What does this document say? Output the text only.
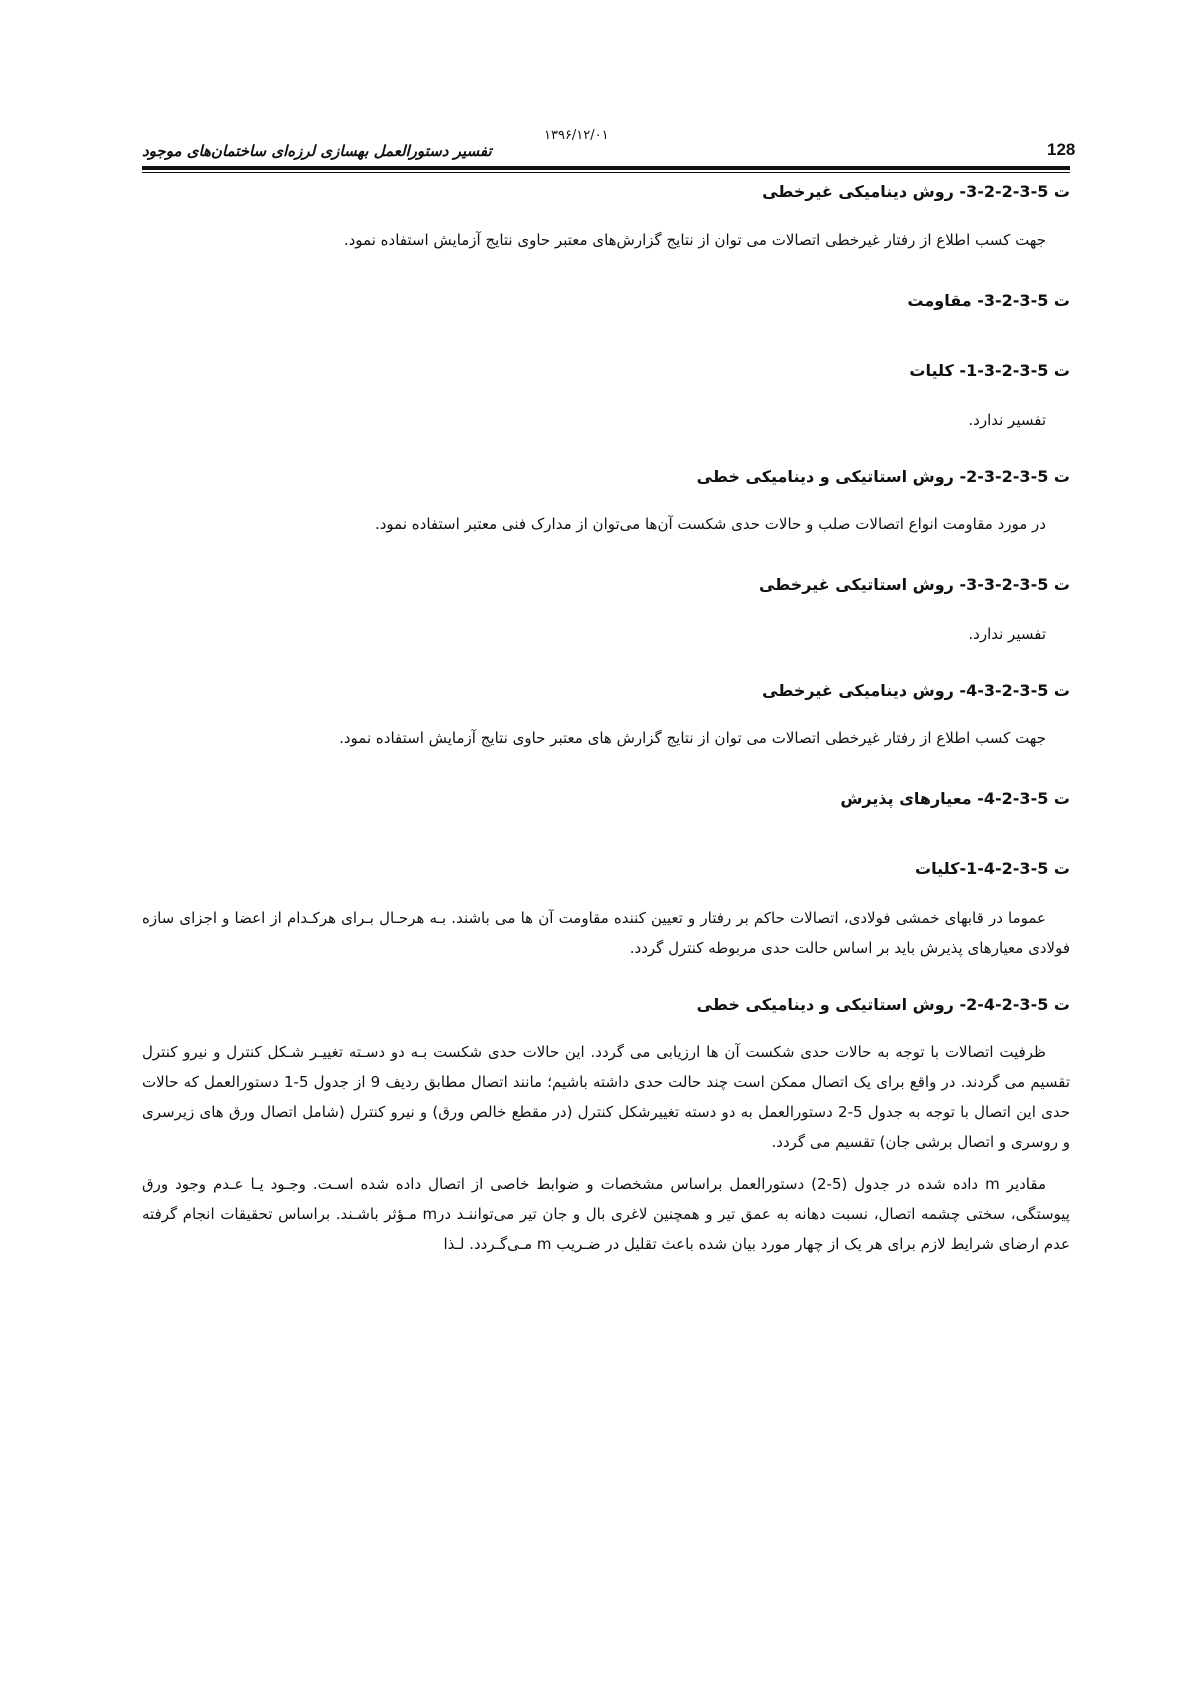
128
۱۳۹۶/۱۲/۰۱
تفسیر دستورالعمل بهسازی لرزه‌ای ساختمان‌های موجود
ت 5-3-2-2-3- روش دینامیکی غیرخطی
جهت کسب اطلاع از رفتار غیرخطی اتصالات می توان از نتایج گزارش‌های معتبر حاوی نتایج آزمایش استفاده نمود.
ت 5-3-2-3- مقاومت
ت 5-3-2-3-1- کلیات
تفسیر ندارد.
ت 5-3-2-3-2- روش استاتیکی و دینامیکی خطی
در مورد مقاومت انواع اتصالات صلب و حالات حدی شکست آن‌ها می‌توان از مدارک فنی معتبر استفاده نمود.
ت 5-3-2-3-3- روش استاتیکی غیرخطی
تفسیر ندارد.
ت 5-3-2-3-4- روش دینامیکی غیرخطی
جهت کسب اطلاع از رفتار غیرخطی اتصالات می توان از نتایج گزارش های معتبر حاوی نتایج آزمایش استفاده نمود.
ت 5-3-2-4- معیارهای پذیرش
ت 5-3-2-4-1-کلیات
عموما در قابهای خمشی فولادی، اتصالات حاکم بر رفتار و تعیین کننده مقاومت آن ها می باشند. بـه هرحـال بـرای هرکـدام از اعضا و اجزای سازه فولادی معیارهای پذیرش باید بر اساس حالت حدی مربوطه کنترل گردد.
ت 5-3-2-4-2- روش استاتیکی و دینامیکی خطی
ظرفیت اتصالات با توجه به حالات حدی شکست آن ها ارزیابی می گردد. این حالات حدی شکست بـه دو دسـته تغییـر شـکل کنترل و نیرو کنترل تقسیم می گردند. در واقع برای یک اتصال ممکن است چند حالت حدی داشته باشیم؛ مانند اتصال مطابق ردیف 9 از جدول 5-1 دستورالعمل که حالات حدی این اتصال با توجه به جدول 5-2 دستورالعمل به دو دسته تغییرشکل کنترل (در مقطع خالص ورق) و نیرو کنترل (شامل اتصال ورق های زیرسری و روسری و اتصال برشی جان) تقسیم می گردد.
مقادیر m داده شده در جدول (5-2) دستورالعمل براساس مشخصات و ضوابط خاصی از اتصال داده شده اسـت. وجـود یـا عـدم وجود ورق پیوستگی، سختی چشمه اتصال، نسبت دهانه به عمق تیر و همچنین لاغری بال و جان تیر می‌تواننـد درm مـؤثر باشـند. براساس تحقیقات انجام گرفته عدم ارضای شرایط لازم برای هر یک از چهار مورد بیان شده باعث تقلیل در ضـریب m مـی‌گـردد. لـذا
